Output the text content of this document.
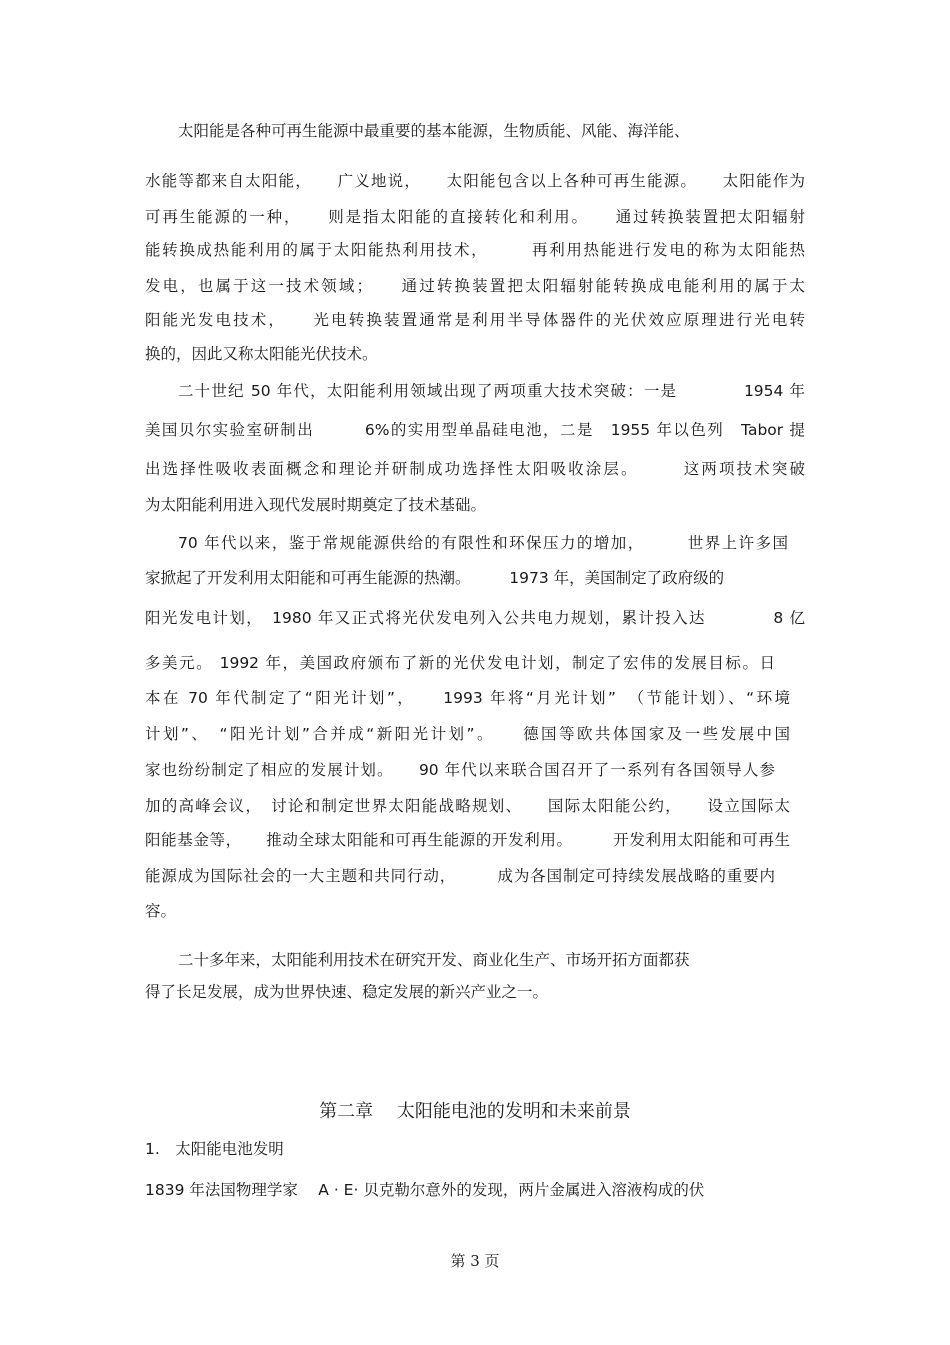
太阳能是各种可再生能源中最重要的基本能源，生物质能、风能、海洋能、
水能等都来自太阳能，　　广义地说，　　太阳能包含以上各种可再生能源。　　太阳能作为
可再生能源的一种，　　则是指太阳能的直接转化和利用。　　通过转换装置把太阳辐射
能转换成热能利用的属于太阳能热利用技术，　　　再利用热能进行发电的称为太阳能热
发电，也属于这一技术领域；　　通过转换装置把太阳辐射能转换成电能利用的属于太
阳能光发电技术，　　光电转换装置通常是利用半导体器件的光伏效应原理进行光电转
换的，因此又称太阳能光伏技术。
二十世纪 50 年代，太阳能利用领域出现了两项重大技术突破：一是　　　　1954 年
美国贝尔实验室研制出　　　6%的实用型单晶硅电池，二是　1955 年以色列　Tabor 提
出选择性吸收表面概念和理论并研制成功选择性太阳吸收涂层。　　　这两项技术突破
为太阳能利用进入现代发展时期奠定了技术基础。
70 年代以来，鉴于常规能源供给的有限性和环保压力的增加，　　　世界上许多国
家掀起了开发利用太阳能和可再生能源的热潮。　　　1973 年，美国制定了政府级的
阳光发电计划，　1980 年又正式将光伏发电列入公共电力规划，累计投入达　　　　8 亿
多美元。 1992 年，美国政府颁布了新的光伏发电计划，制定了宏伟的发展目标。日
本在 70 年代制定了“阳光计划”，　　1993 年将“月光计划”　（节能计划）、“环境
计划”、　“阳光计划”合并成“新阳光计划”。　　德国等欧共体国家及一些发展中国
家也纷纷制定了相应的发展计划。　　90 年代以来联合国召开了一系列有各国领导人参
加的高峰会议，　讨论和制定世界太阳能战略规划、　　国际太阳能公约，　　设立国际太
阳能基金等，　　推动全球太阳能和可再生能源的开发利用。　　　开发利用太阳能和可再生
能源成为国际社会的一大主题和共同行动，　　　成为各国制定可持续发展战略的重要内
容。
二十多年来，太阳能利用技术在研究开发、商业化生产、市场开拓方面都获
得了长足发展，成为世界快速、稳定发展的新兴产业之一。
第二章　 太阳能电池的发明和未来前景
1.　太阳能电池发明
1839 年法国物理学家　 A · E· 贝克勒尔意外的发现，两片金属进入溶液构成的伏
第 3 页
